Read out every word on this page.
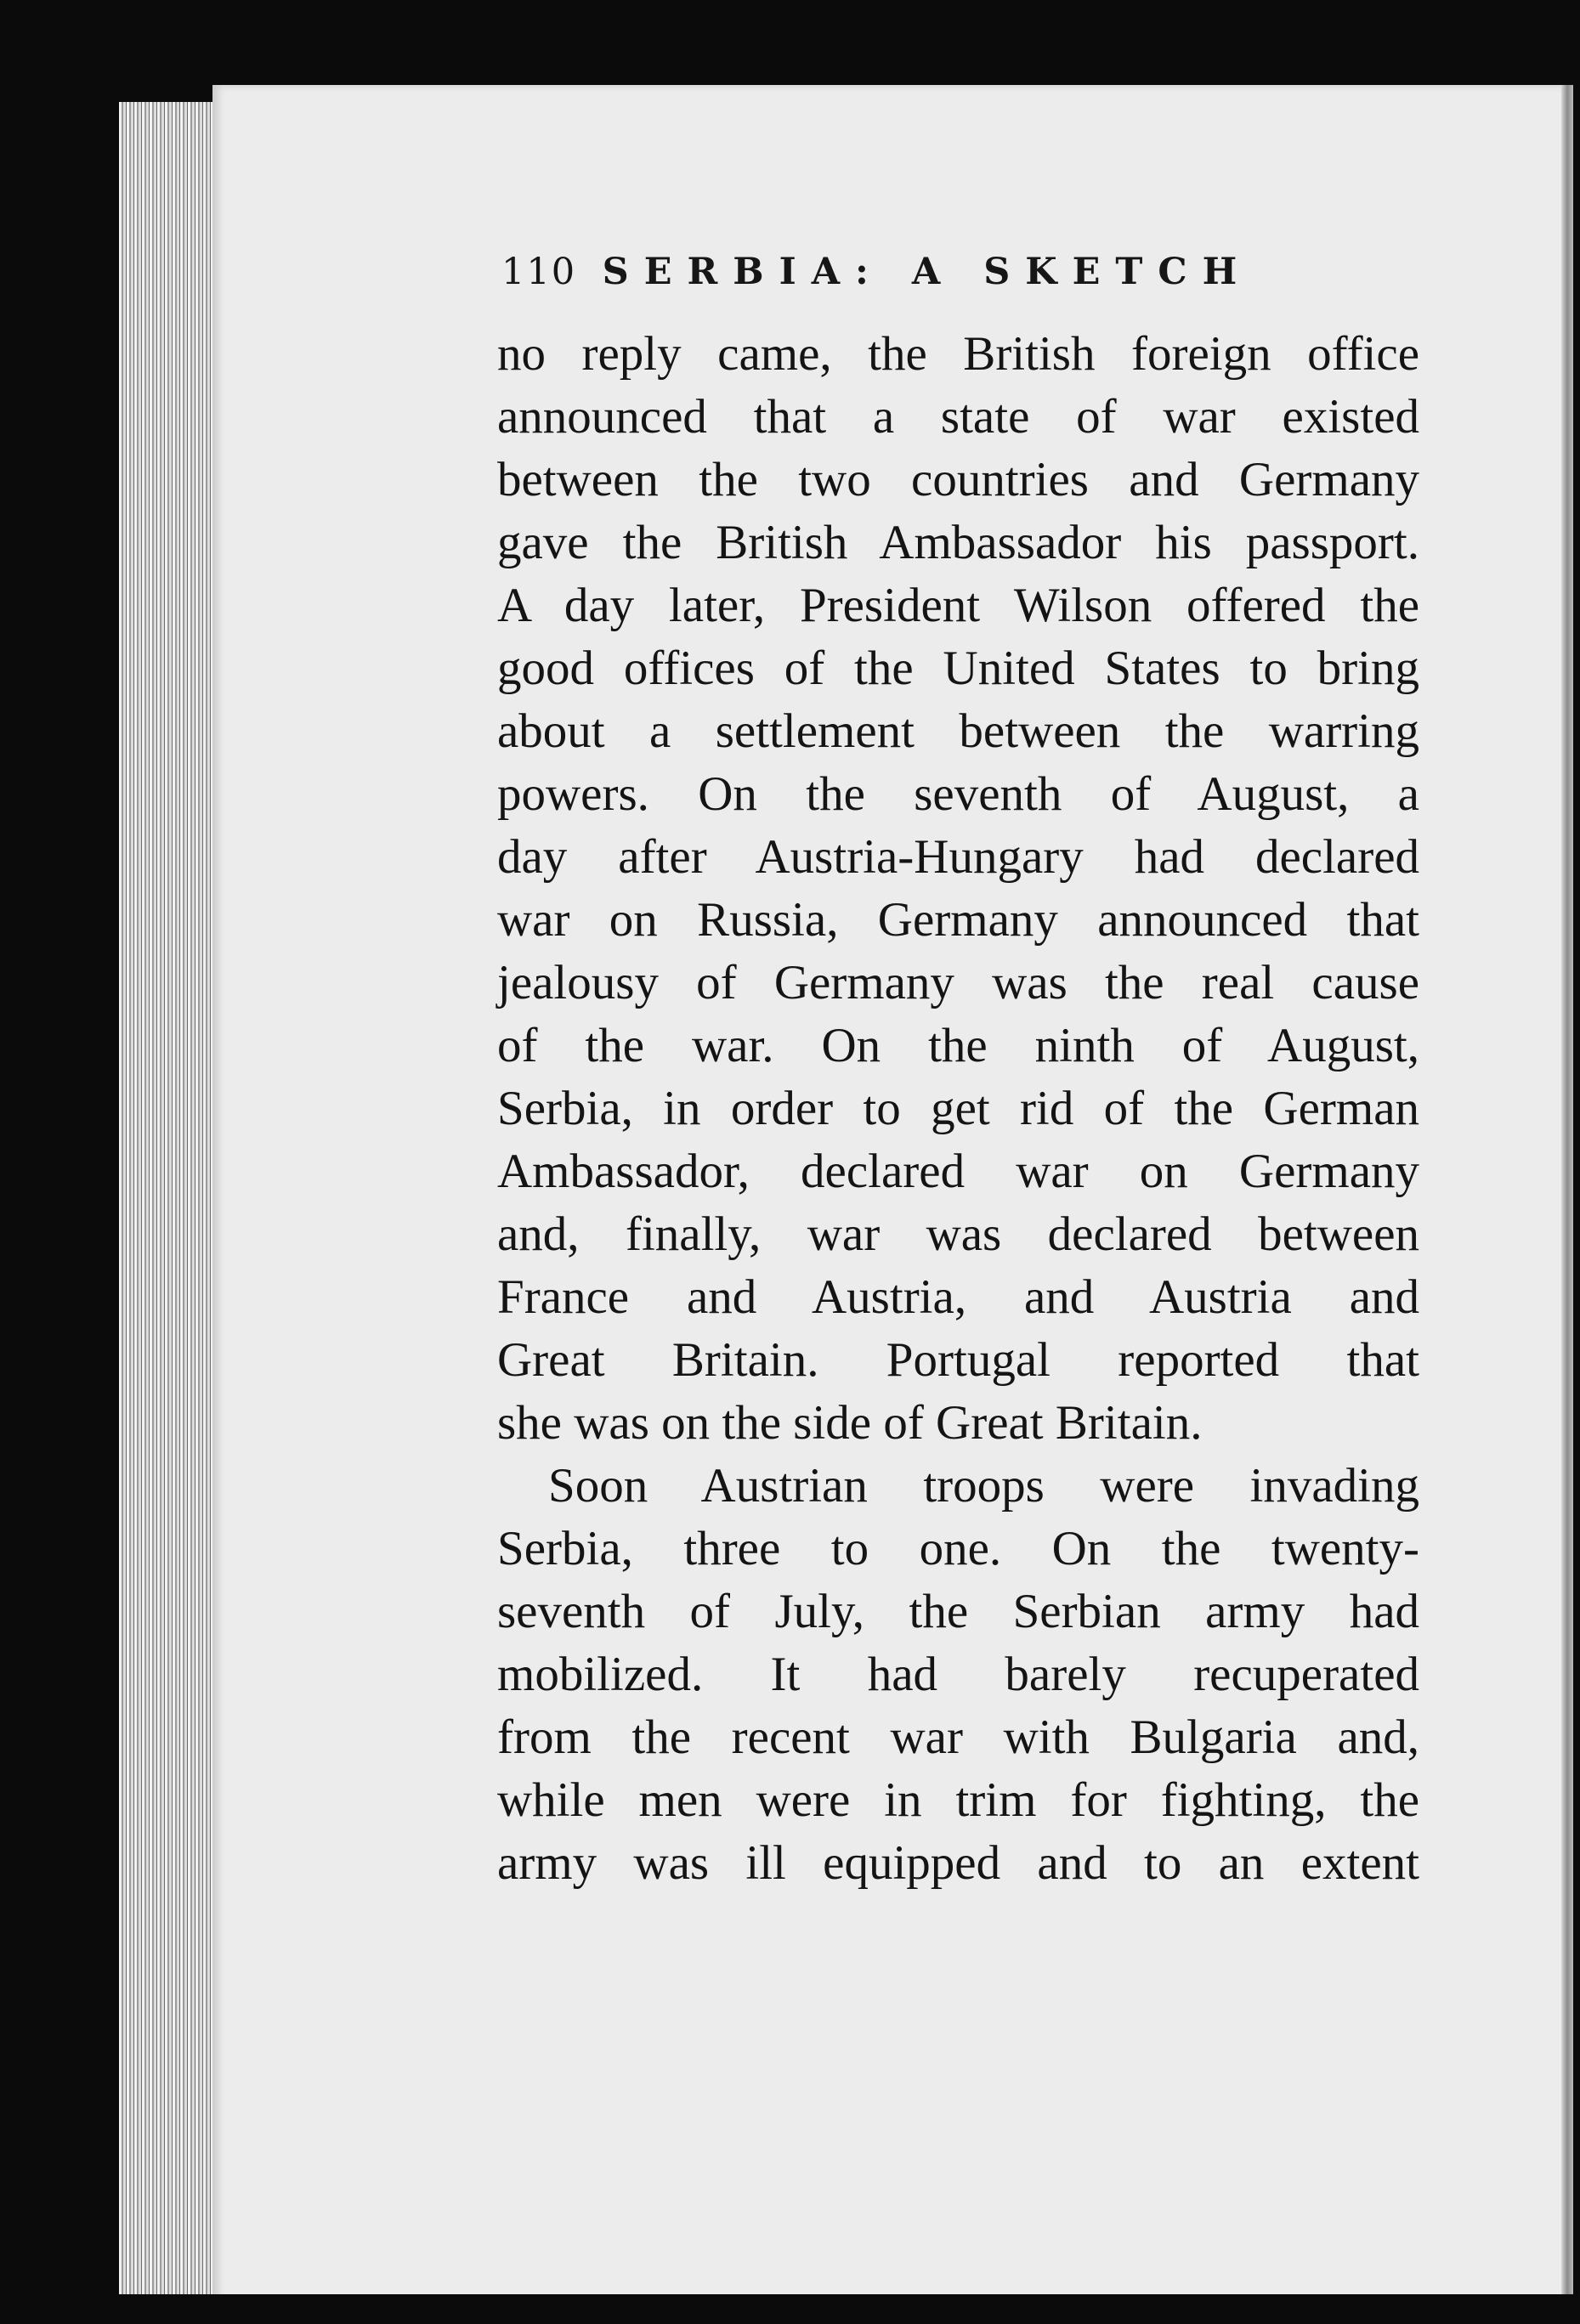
110 SERBIA: A SKETCH
no reply came, the British foreign office
announced that a state of war existed
between the two countries and Germany
gave the British Ambassador his passport.
A day later, President Wilson offered the
good offices of the United States to bring
about a settlement between the warring
powers. On the seventh of August, a
day after Austria-Hungary had declared
war on Russia, Germany announced that
jealousy of Germany was the real cause
of the war. On the ninth of August,
Serbia, in order to get rid of the German
Ambassador, declared war on Germany
and, finally, war was declared between
France and Austria, and Austria and
Great Britain. Portugal reported that
she was on the side of Great Britain.
Soon Austrian troops were invading
Serbia, three to one. On the twenty-
seventh of July, the Serbian army had
mobilized. It had barely recuperated
from the recent war with Bulgaria and,
while men were in trim for fighting, the
army was ill equipped and to an extent
